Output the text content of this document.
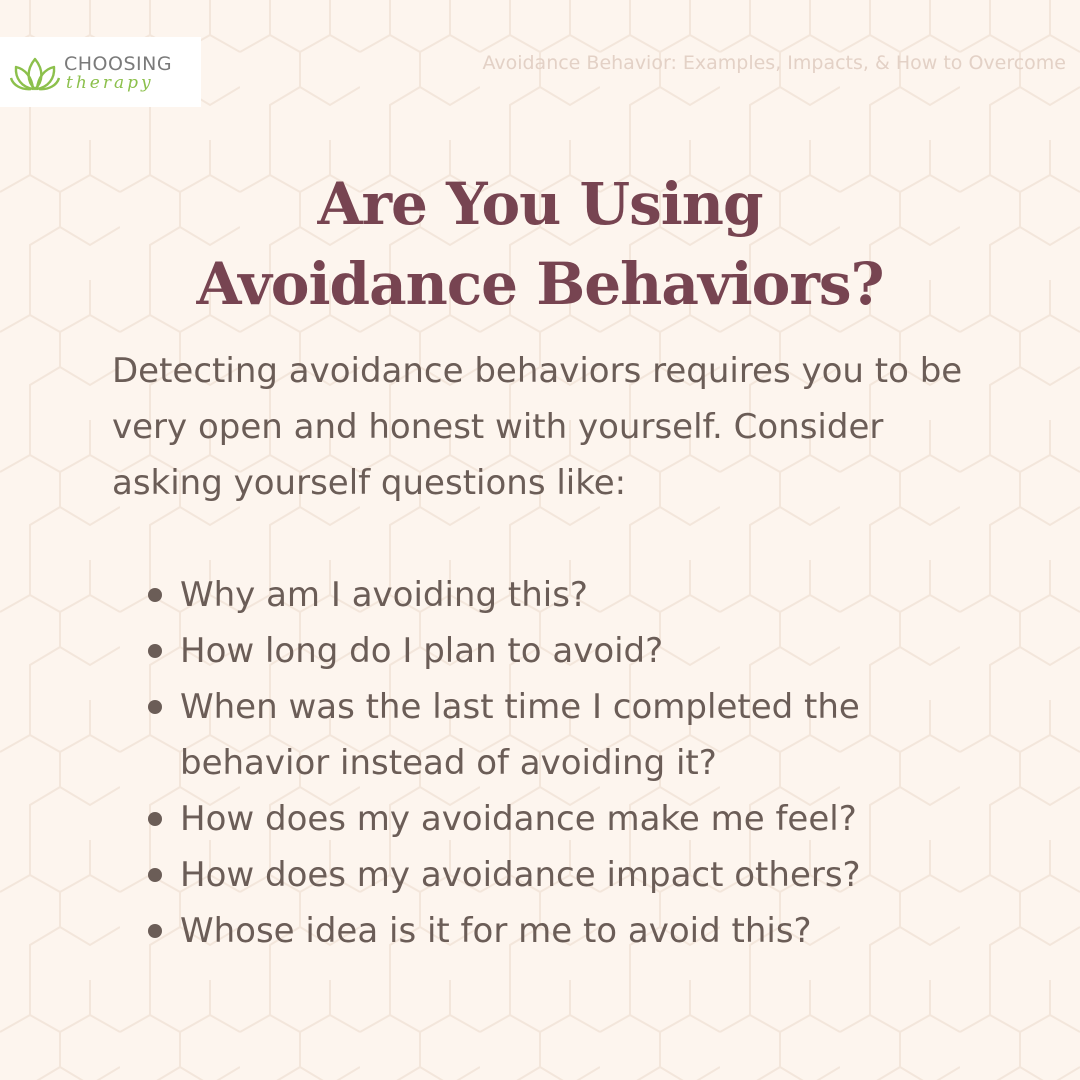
CHOOSING
therapy
Avoidance Behavior: Examples, Impacts, & How to Overcome
Are You Using
Avoidance Behaviors?

Detecting avoidance behaviors requires you to be very open and honest with yourself. Consider asking yourself questions like:

Why am I avoiding this?
How long do I plan to avoid?
When was the last time I completed the behavior instead of avoiding it?
How does my avoidance make me feel?
How does my avoidance impact others?
Whose idea is it for me to avoid this?
